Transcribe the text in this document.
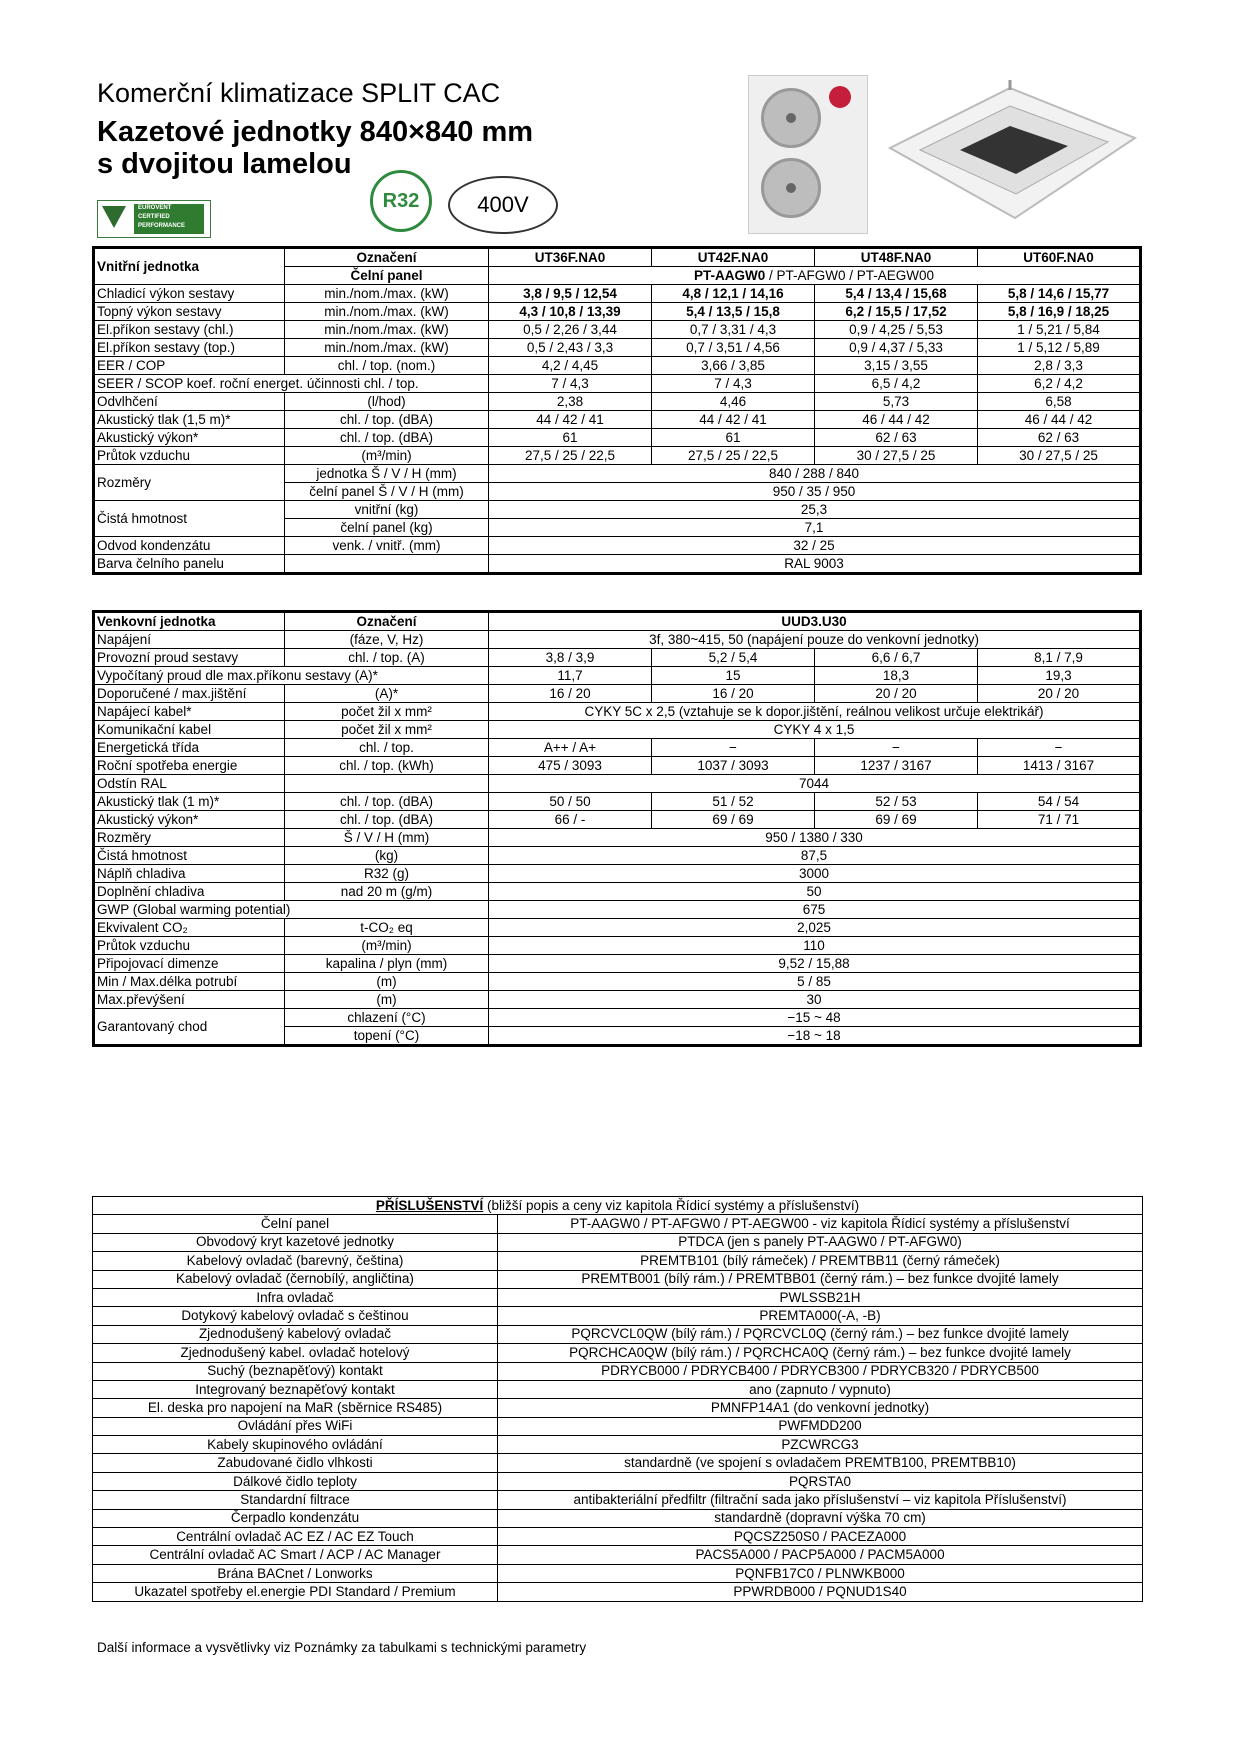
Komerční klimatizace SPLIT CAC
Kazetové jednotky 840×840 mm
s dvojitou lamelou
EUROVENT CERTIFIED PERFORMANCE
R32	400V
Vnitřní jednotka	Označení	UT36F.NA0	UT42F.NA0	UT48F.NA0	UT60F.NA0
	Čelní panel	PT-AAGW0 / PT-AFGW0 / PT-AEGW00			
Chladicí výkon sestavy	min./nom./max. (kW)	3,8 / 9,5 / 12,54	4,8 / 12,1 / 14,16	5,4 / 13,4 / 15,68	5,8 / 14,6 / 15,77
Topný výkon sestavy	min./nom./max. (kW)	4,3 / 10,8 / 13,39	5,4 / 13,5 / 15,8	6,2 / 15,5 / 17,52	5,8 / 16,9 / 18,25
El.příkon sestavy (chl.)	min./nom./max. (kW)	0,5 / 2,26 / 3,44	0,7 / 3,31 / 4,3	0,9 / 4,25 / 5,53	1 / 5,21 / 5,84
El.příkon sestavy (top.)	min./nom./max. (kW)	0,5 / 2,43 / 3,3	0,7 / 3,51 / 4,56	0,9 / 4,37 / 5,33	1 / 5,12 / 5,89
EER / COP	chl. / top. (nom.)	4,2 / 4,45	3,66 / 3,85	3,15 / 3,55	2,8 / 3,3
SEER / SCOP koef. roční energet. účinnosti chl. / top.		7 / 4,3	7 / 4,3	6,5 / 4,2	6,2 / 4,2
Odvlhčení	(l/hod)	2,38	4,46	5,73	6,58
Akustický tlak (1,5 m)*	chl. / top. (dBA)	44 / 42 / 41	44 / 42 / 41	46 / 44 / 42	46 / 44 / 42
Akustický výkon*	chl. / top. (dBA)	61	61	62 / 63	62 / 63
Průtok vzduchu	(m³/min)	27,5 / 25 / 22,5	27,5 / 25 / 22,5	30 / 27,5 / 25	30 / 27,5 / 25
Rozměry	jednotka Š / V / H (mm)	840 / 288 / 840			
	čelní panel Š / V / H (mm)	950 / 35 / 950			
Čistá hmotnost	vnitřní (kg)	25,3			
	čelní panel (kg)	7,1			
Odvod kondenzátu	venk. / vnitř. (mm)	32 / 25			
Barva čelního panelu		RAL 9003			
Venkovní jednotka	Označení	UUD3.U30			
Napájení	(fáze, V, Hz)	3f, 380~415, 50 (napájení pouze do venkovní jednotky)			
Provozní proud sestavy	chl. / top. (A)	3,8 / 3,9	5,2 / 5,4	6,6 / 6,7	8,1 / 7,9
Vypočítaný proud dle max.příkonu sestavy (A)*		11,7	15	18,3	19,3
Doporučené / max.jištění	(A)*	16 / 20	16 / 20	20 / 20	20 / 20
Napájecí kabel*	počet žil x mm²	CYKY 5C x 2,5 (vztahuje se k dopor.jištění, reálnou velikost určuje elektrikář)			
Komunikační kabel	počet žil x mm²	CYKY 4 x 1,5			
Energetická třída	chl. / top.	A++ / A+	−	−	−
Roční spotřeba energie	chl. / top. (kWh)	475 / 3093	1037 / 3093	1237 / 3167	1413 / 3167
Odstín RAL		7044			
Akustický tlak (1 m)*	chl. / top. (dBA)	50 / 50	51 / 52	52 / 53	54 / 54
Akustický výkon*	chl. / top. (dBA)	66 / -	69 / 69	69 / 69	71 / 71
Rozměry	Š / V / H (mm)	950 / 1380 / 330			
Čistá hmotnost	(kg)	87,5			
Náplň chladiva	R32 (g)	3000			
Doplnění chladiva	nad 20 m (g/m)	50			
GWP (Global warming potential)		675			
Ekvivalent CO₂	t-CO₂ eq	2,025			
Průtok vzduchu	(m³/min)	110			
Připojovací dimenze	kapalina / plyn (mm)	9,52 / 15,88			
Min / Max.délka potrubí	(m)	5 / 85			
Max.převýšení	(m)	30			
Garantovaný chod	chlazení (°C)	−15 ~ 48			
	topení (°C)	−18 ~ 18			
PŘÍSLUŠENSTVÍ (bližší popis a ceny viz kapitola Řídicí systémy a příslušenství)	
Čelní panel	PT-AAGW0 / PT-AFGW0 / PT-AEGW00 - viz kapitola Řídicí systémy a příslušenství
Obvodový kryt kazetové jednotky	PTDCA (jen s panely PT-AAGW0 / PT-AFGW0)
Kabelový ovladač (barevný, čeština)	PREMTB101 (bílý rámeček) / PREMTBB11 (černý rámeček)
Kabelový ovladač (černobílý, angličtina)	PREMTB001 (bílý rám.) / PREMTBB01 (černý rám.) – bez funkce dvojité lamely
Infra ovladač	PWLSSB21H
Dotykový kabelový ovladač s češtinou	PREMTA000(-A, -B)
Zjednodušený kabelový ovladač	PQRCVCL0QW (bílý rám.) / PQRCVCL0Q (černý rám.) – bez funkce dvojité lamely
Zjednodušený kabel. ovladač hotelový	PQRCHCA0QW (bílý rám.) / PQRCHCA0Q (černý rám.) – bez funkce dvojité lamely
Suchý (beznapěťový) kontakt	PDRYCB000 / PDRYCB400 / PDRYCB300 / PDRYCB320 / PDRYCB500
Integrovaný beznapěťový kontakt	ano (zapnuto / vypnuto)
El. deska pro napojení na MaR (sběrnice RS485)	PMNFP14A1 (do venkovní jednotky)
Ovládání přes WiFi	PWFMDD200
Kabely skupinového ovládání	PZCWRCG3
Zabudované čidlo vlhkosti	standardně (ve spojení s ovladačem PREMTB100, PREMTBB10)
Dálkové čidlo teploty	PQRSTA0
Standardní filtrace	antibakteriální předfiltr (filtrační sada jako příslušenství – viz kapitola Příslušenství)
Čerpadlo kondenzátu	standardně (dopravní výška 70 cm)
Centrální ovladač AC EZ / AC EZ Touch	PQCSZ250S0 / PACEZA000
Centrální ovladač AC Smart / ACP / AC Manager	PACS5A000 / PACP5A000 / PACM5A000
Brána BACnet / Lonworks	PQNFB17C0 / PLNWKB000
Ukazatel spotřeby el.energie PDI Standard / Premium	PPWRDB000 / PQNUD1S40
Další informace a vysvětlivky viz Poznámky za tabulkami s technickými parametry
